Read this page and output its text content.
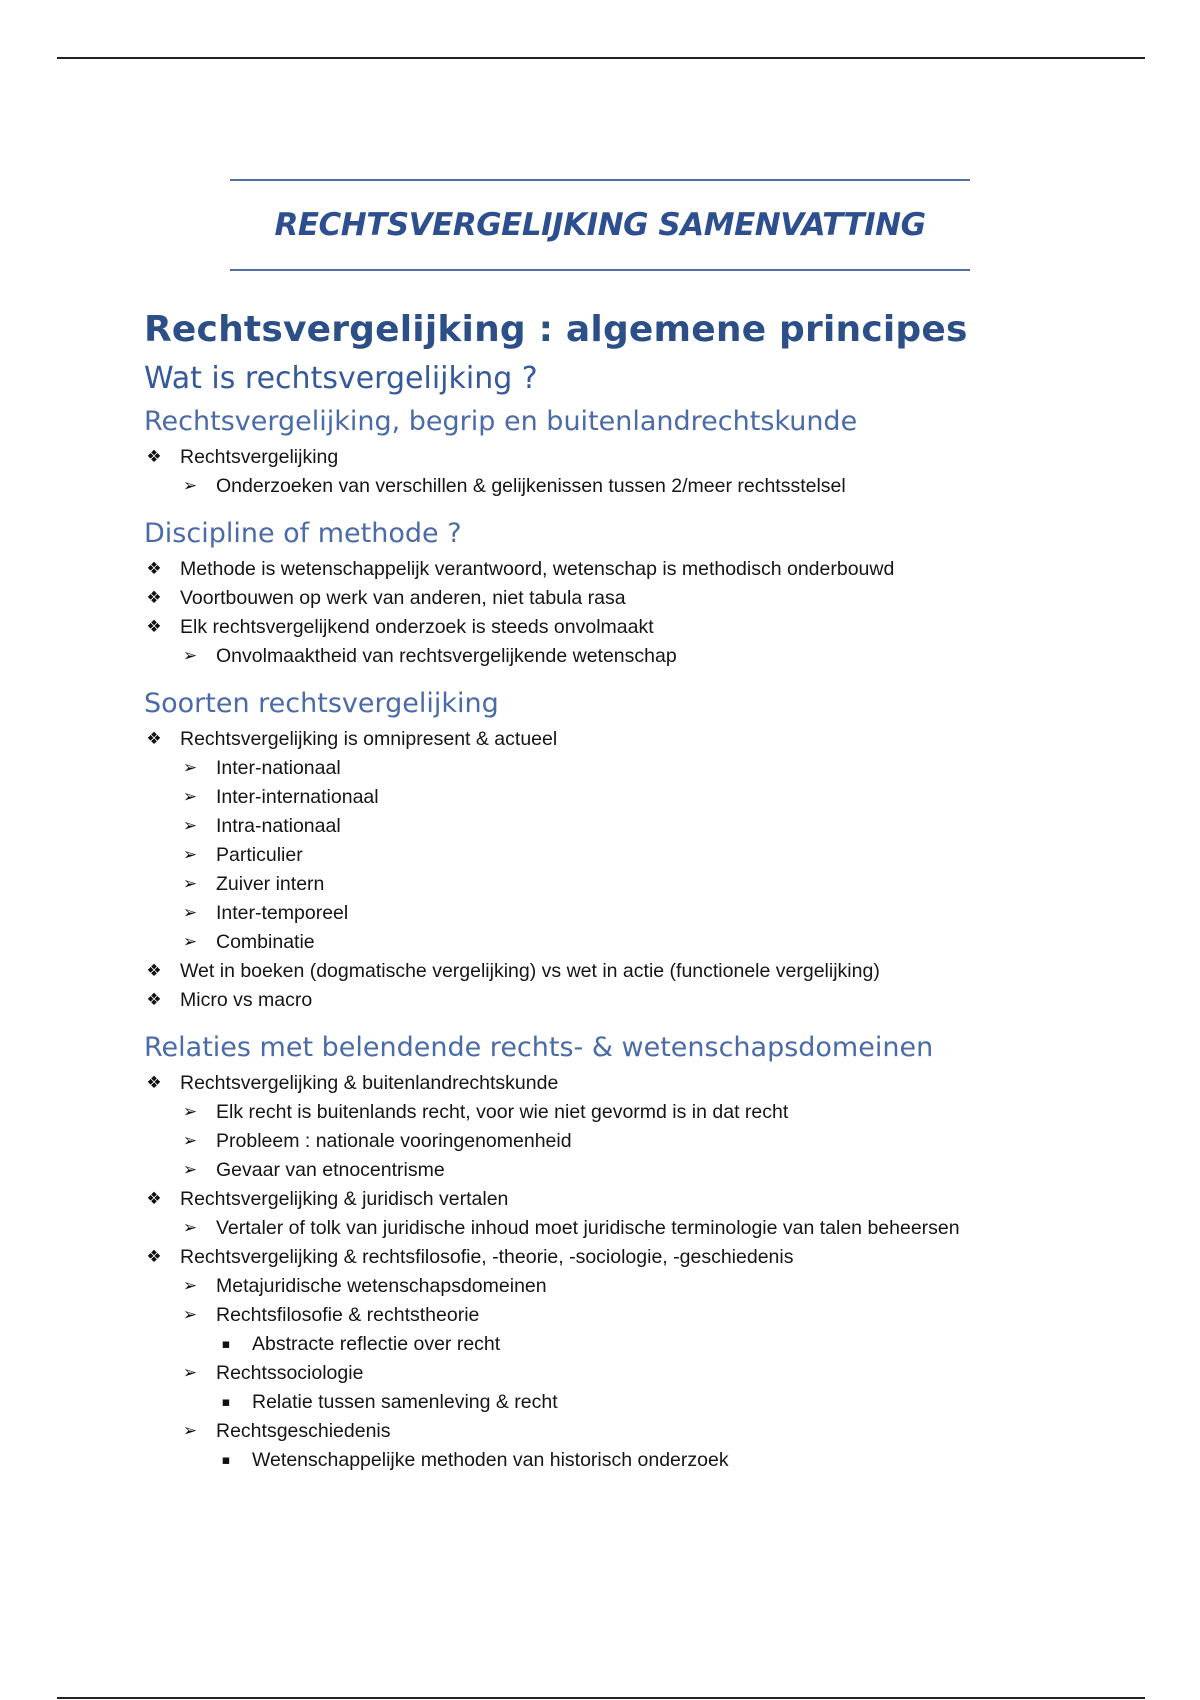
RECHTSVERGELIJKING SAMENVATTING

Rechtsvergelijking : algemene principes
Wat is rechtsvergelijking ?
Rechtsvergelijking, begrip en buitenlandrechtskunde
❖ Rechtsvergelijking
➢ Onderzoeken van verschillen & gelijkenissen tussen 2/meer rechtsstelsel
Discipline of methode ?
❖ Methode is wetenschappelijk verantwoord, wetenschap is methodisch onderbouwd
❖ Voortbouwen op werk van anderen, niet tabula rasa
❖ Elk rechtsvergelijkend onderzoek is steeds onvolmaakt
➢ Onvolmaaktheid van rechtsvergelijkende wetenschap
Soorten rechtsvergelijking
❖ Rechtsvergelijking is omnipresent & actueel
➢ Inter-nationaal
➢ Inter-internationaal
➢ Intra-nationaal
➢ Particulier
➢ Zuiver intern
➢ Inter-temporeel
➢ Combinatie
❖ Wet in boeken (dogmatische vergelijking) vs wet in actie (functionele vergelijking)
❖ Micro vs macro
Relaties met belendende rechts- & wetenschapsdomeinen
❖ Rechtsvergelijking & buitenlandrechtskunde
➢ Elk recht is buitenlands recht, voor wie niet gevormd is in dat recht
➢ Probleem : nationale vooringenomenheid
➢ Gevaar van etnocentrisme
❖ Rechtsvergelijking & juridisch vertalen
➢ Vertaler of tolk van juridische inhoud moet juridische terminologie van talen beheersen
❖ Rechtsvergelijking & rechtsfilosofie, -theorie, -sociologie, -geschiedenis
➢ Metajuridische wetenschapsdomeinen
➢ Rechtsfilosofie & rechtstheorie
▪ Abstracte reflectie over recht
➢ Rechtssociologie
▪ Relatie tussen samenleving & recht
➢ Rechtsgeschiedenis
▪ Wetenschappelijke methoden van historisch onderzoek
